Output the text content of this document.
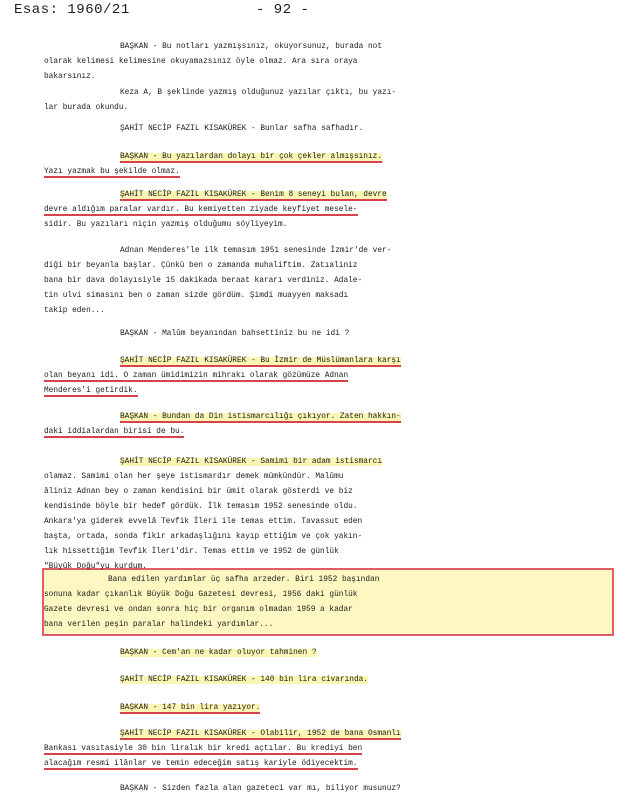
Esas: 1960/21	- 92 -
BAŞKAN - Bu notları yazmışsınız, okuyorsunuz, burada not
olarak kelimesi kelimesine okuyamazsınız öyle olmaz. Ara sıra oraya
bakarsınız.
Keza A, B şeklinde yazmış olduğunuz yazılar çıktı, bu yazı-
lar burada okundu.
ŞAHİT NECİP FAZIL KISAKÜREK - Bunlar safha safhadır.
BAŞKAN - Bu yazılardan dolayı bir çok çekler almışsınız.
Yazı yazmak bu şekilde olmaz.
ŞAHİT NECİP FAZIL KISAKÜREK - Benim 8 seneyi bulan, devre
devre aldığım paralar vardır. Bu kemiyetten ziyade keyfiyet mesele-
sidir. Bu yazıları niçin yazmış olduğumu söyliyeyim.
Adnan Menderes'le ilk temasım 1951 senesinde İzmir'de ver-
diği bir beyanla başlar. Çünkü ben o zamanda muhaliftim. Zatıaliniz
bana bir dava dolayısiyle 15 dakikada beraat kararı verdiniz. Adale-
tin ulvi simasını ben o zaman sizde gördüm. Şimdi muayyen maksadı
takip eden...
BAŞKAN - Malûm beyanından bahsettiniz bu ne idi ?
ŞAHİT NECİP FAZIL KISAKÜREK - Bu İzmir de Müslümanlara karşı
olan beyanı idi. O zaman ümidimizin mihrakı olarak gözümüze Adnan
Menderes'i getirdik.
BAŞKAN - Bundan da Din istismarcılığı çıkıyor. Zaten hakkın-
daki iddialardan birisi de bu.
ŞAHİT NECİP FAZIL KISAKÜREK - Samimi bir adam istismarcı
olamaz. Samimi olan her şeye istismardır demek mümkündür. Malûmu
âliniz Adnan bey o zaman kendisini bir ümit olarak gösterdi ve biz
kendisinde böyle bir hedef gördük. İlk temasım 1952 senesinde oldu.
Ankara'ya giderek evvelâ Tevfik İleri ile temas ettim. Tavassut eden
başta, ortada, sonda fikir arkadaşlığını kayıp ettiğim ve çok yakın-
lık hissettiğim Tevfik İleri'dir. Temas ettim ve 1952 de günlük
"Büyük Doğu"yu kurdum.
Bana edilen yardımlar üç safha arzeder. Biri 1952 başından
sonuna kadar çıkanlık Büyük Doğu Gazetesi devresi, 1956 daki günlük
Gazete devresi ve ondan sonra hiç bir organım olmadan 1959 a kadar
bana verilen peşin paralar halindeki yardımlar...
BAŞKAN - Cem'an ne kadar oluyor tahminen ?
ŞAHİT NECİP FAZIL KISAKÜREK - 140 bin lira civarında.
BAŞKAN - 147 bin lira yazıyor.
ŞAHİT NECİP FAZIL KISAKÜREK - Olabilir, 1952 de bana Osmanlı
Bankası vasıtasiyle 30 bin liralık bir kredi açtılar. Bu krediyi ben
alacağım resmi ilânlar ve temin edeceğim satış kariyle ödiyecektim.
BAŞKAN - Sizden fazla alan gazeteci var mı, biliyor musunuz?
